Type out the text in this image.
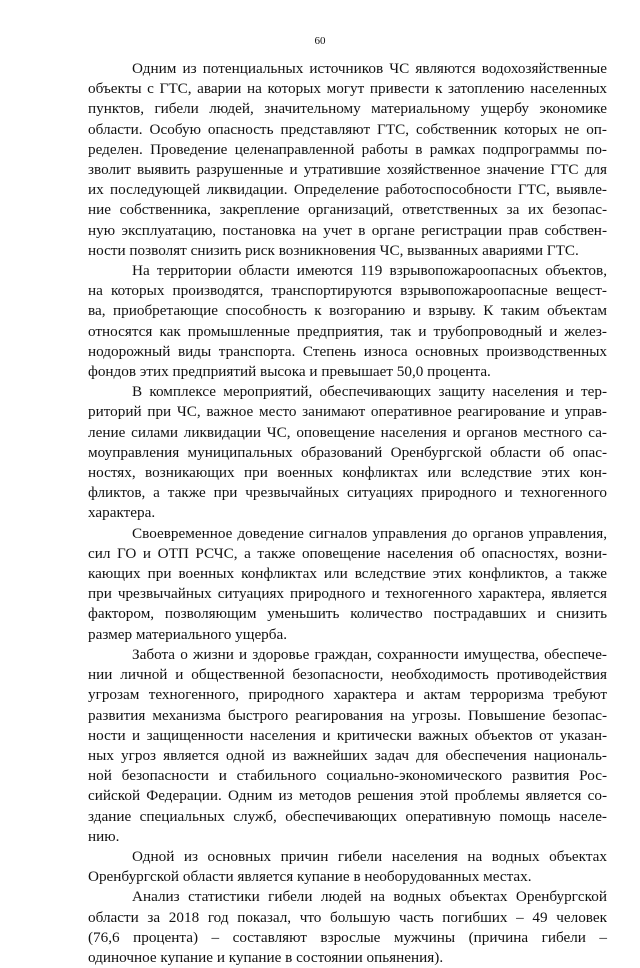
60
Одним из потенциальных источников ЧС являются водохозяйственные
объекты с ГТС, аварии на которых могут привести к затоплению населенных
пунктов, гибели людей, значительному материальному ущербу экономике
области. Особую опасность представляют ГТС, собственник которых не оп-
ределен. Проведение целенаправленной работы в рамках подпрограммы по-
зволит выявить разрушенные и утратившие хозяйственное значение ГТС для
их последующей ликвидации. Определение работоспособности ГТС, выявле-
ние собственника, закрепление организаций, ответственных за их безопас-
ную эксплуатацию, постановка на учет в органе регистрации прав собствен-
ности позволят снизить риск возникновения ЧС, вызванных авариями ГТС.
На территории области имеются 119 взрывопожароопасных объектов,
на которых производятся, транспортируются взрывопожароопасные вещест-
ва, приобретающие способность к возгоранию и взрыву. К таким объектам
относятся как промышленные предприятия, так и трубопроводный и желез-
нодорожный виды транспорта. Степень износа основных производственных
фондов этих предприятий высока и превышает 50,0 процента.
В комплексе мероприятий, обеспечивающих защиту населения и тер-
риторий при ЧС, важное место занимают оперативное реагирование и управ-
ление силами ликвидации ЧС, оповещение населения и органов местного са-
моуправления муниципальных образований Оренбургской области об опас-
ностях, возникающих при военных конфликтах или вследствие этих кон-
фликтов, а также при чрезвычайных ситуациях природного и техногенного
характера.
Своевременное доведение сигналов управления до органов управления,
сил ГО и ОТП РСЧС, а также оповещение населения об опасностях, возни-
кающих при военных конфликтах или вследствие этих конфликтов, а также
при чрезвычайных ситуациях природного и техногенного характера, является
фактором, позволяющим уменьшить количество пострадавших и снизить
размер материального ущерба.
Забота о жизни и здоровье граждан, сохранности имущества, обеспече-
нии личной и общественной безопасности, необходимость противодействия
угрозам техногенного, природного характера и актам терроризма требуют
развития механизма быстрого реагирования на угрозы. Повышение безопас-
ности и защищенности населения и критически важных объектов от указан-
ных угроз является одной из важнейших задач для обеспечения националь-
ной безопасности и стабильного социально-экономического развития Рос-
сийской Федерации. Одним из методов решения этой проблемы является со-
здание специальных служб, обеспечивающих оперативную помощь населе-
нию.
Одной из основных причин гибели населения на водных объектах
Оренбургской области является купание в необорудованных местах.
Анализ статистики гибели людей на водных объектах Оренбургской
области за 2018 год показал, что большую часть погибших – 49 человек
(76,6 процента) – составляют взрослые мужчины (причина гибели –
одиночное купание и купание в состоянии опьянения).
